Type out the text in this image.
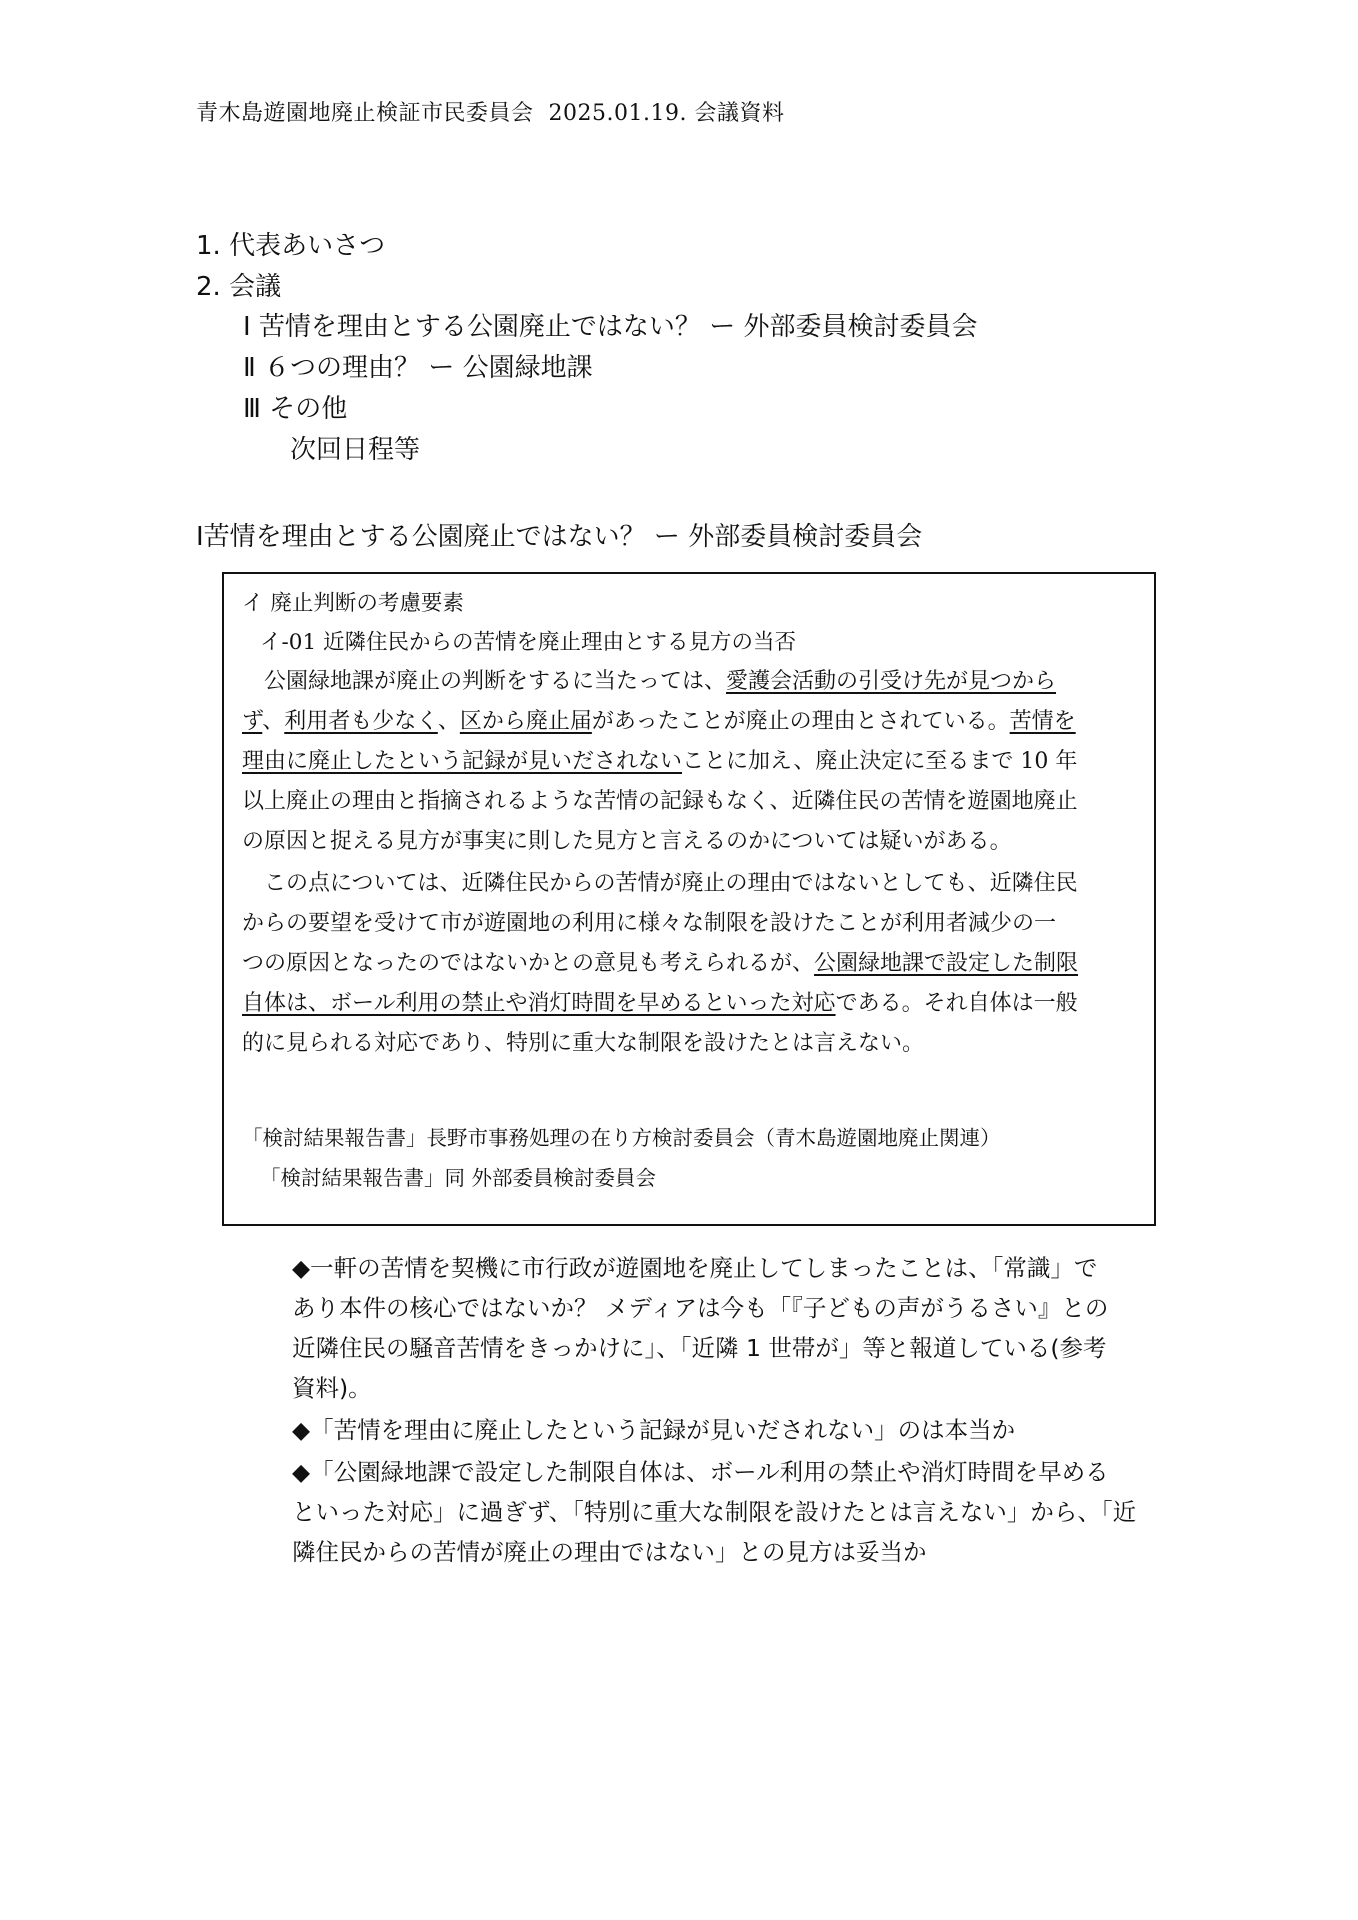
青木島遊園地廃止検証市民委員会 2025.01.19. 会議資料
1. 代表あいさつ
2. 会議
Ⅰ 苦情を理由とする公園廃止ではない？ ー 外部委員検討委員会
Ⅱ ６つの理由？ ー 公園緑地課
Ⅲ その他
次回日程等
Ⅰ苦情を理由とする公園廃止ではない？ ー 外部委員検討委員会
イ 廃止判断の考慮要素
イ-01 近隣住民からの苦情を廃止理由とする見方の当否
　公園緑地課が廃止の判断をするに当たっては、愛護会活動の引受け先が見つから
ず、利用者も少なく、区から廃止届があったことが廃止の理由とされている。苦情を
理由に廃止したという記録が見いだされないことに加え、廃止決定に至るまで 10 年
以上廃止の理由と指摘されるような苦情の記録もなく、近隣住民の苦情を遊園地廃止
の原因と捉える見方が事実に則した見方と言えるのかについては疑いがある。
　この点については、近隣住民からの苦情が廃止の理由ではないとしても、近隣住民
からの要望を受けて市が遊園地の利用に様々な制限を設けたことが利用者減少の一
つの原因となったのではないかとの意見も考えられるが、公園緑地課で設定した制限
自体は、ボール利用の禁止や消灯時間を早めるといった対応である。それ自体は一般
的に見られる対応であり、特別に重大な制限を設けたとは言えない。
「検討結果報告書」長野市事務処理の在り方検討委員会（青木島遊園地廃止関連）
「検討結果報告書」同 外部委員検討委員会
◆一軒の苦情を契機に市行政が遊園地を廃止してしまったことは、「常識」で
あり本件の核心ではないか？ メディアは今も「『子どもの声がうるさい』との
近隣住民の騒音苦情をきっかけに」、「近隣 1 世帯が」等と報道している(参考
資料)。
◆「苦情を理由に廃止したという記録が見いだされない」のは本当か
◆「公園緑地課で設定した制限自体は、ボール利用の禁止や消灯時間を早める
といった対応」に過ぎず、「特別に重大な制限を設けたとは言えない」から、「近
隣住民からの苦情が廃止の理由ではない」との見方は妥当か
